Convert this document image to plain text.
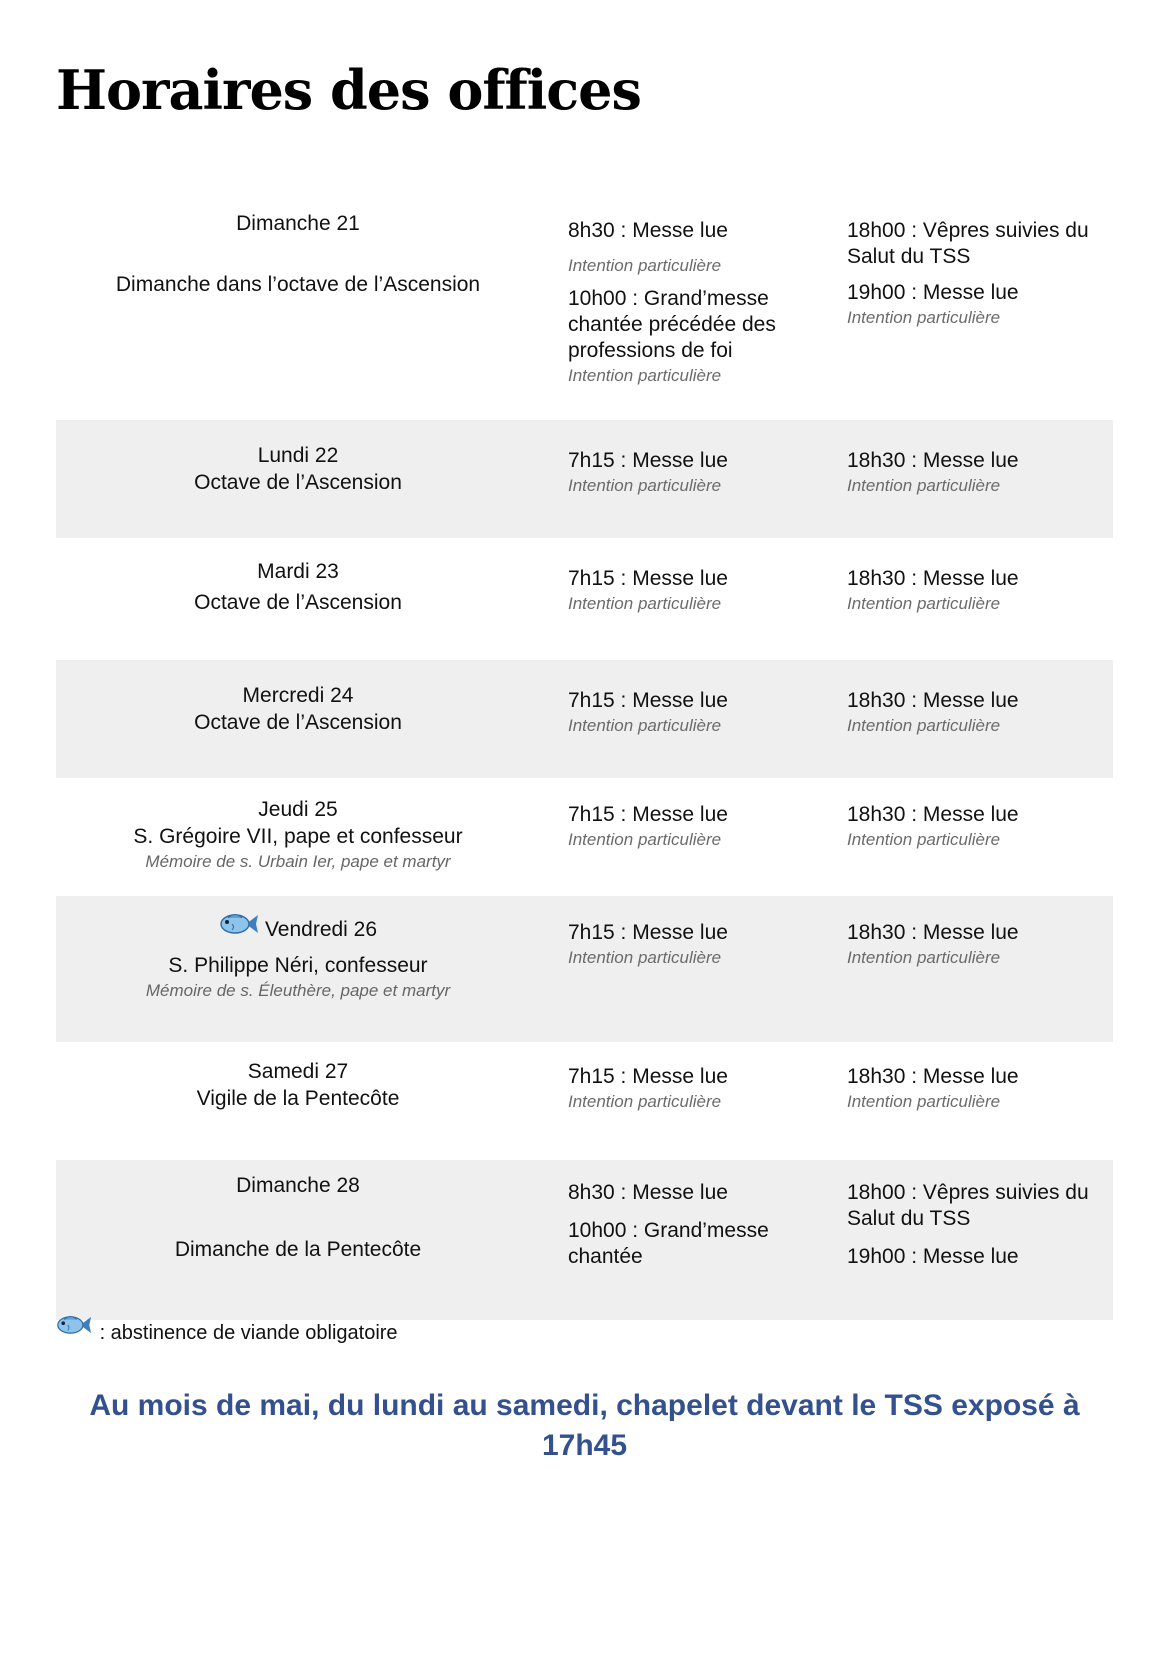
Horaires des offices
Dimanche 21
Dimanche dans l’octave de l’Ascension
8h30 : Messe lue
Intention particulière
10h00 : Grand’messe chantée précédée des professions de foi
Intention particulière
18h00 : Vêpres suivies du Salut du TSS
19h00 : Messe lue
Intention particulière
Lundi 22
Octave de l’Ascension
7h15 : Messe lue
Intention particulière
18h30 : Messe lue
Intention particulière
Mardi 23
Octave de l’Ascension
7h15 : Messe lue
Intention particulière
18h30 : Messe lue
Intention particulière
Mercredi 24
Octave de l’Ascension
7h15 : Messe lue
Intention particulière
18h30 : Messe lue
Intention particulière
Jeudi 25
S. Grégoire VII, pape et confesseur
Mémoire de s. Urbain Ier, pape et martyr
7h15 : Messe lue
Intention particulière
18h30 : Messe lue
Intention particulière
Vendredi 26
S. Philippe Néri, confesseur
Mémoire de s. Éleuthère, pape et martyr
7h15 : Messe lue
Intention particulière
18h30 : Messe lue
Intention particulière
Samedi 27
Vigile de la Pentecôte
7h15 : Messe lue
Intention particulière
18h30 : Messe lue
Intention particulière
Dimanche 28
Dimanche de la Pentecôte
8h30 : Messe lue
10h00 : Grand’messe chantée
18h00 : Vêpres suivies du Salut du TSS
19h00 : Messe lue
: abstinence de viande obligatoire

Au mois de mai, du lundi au samedi, chapelet devant le TSS exposé à 17h45
